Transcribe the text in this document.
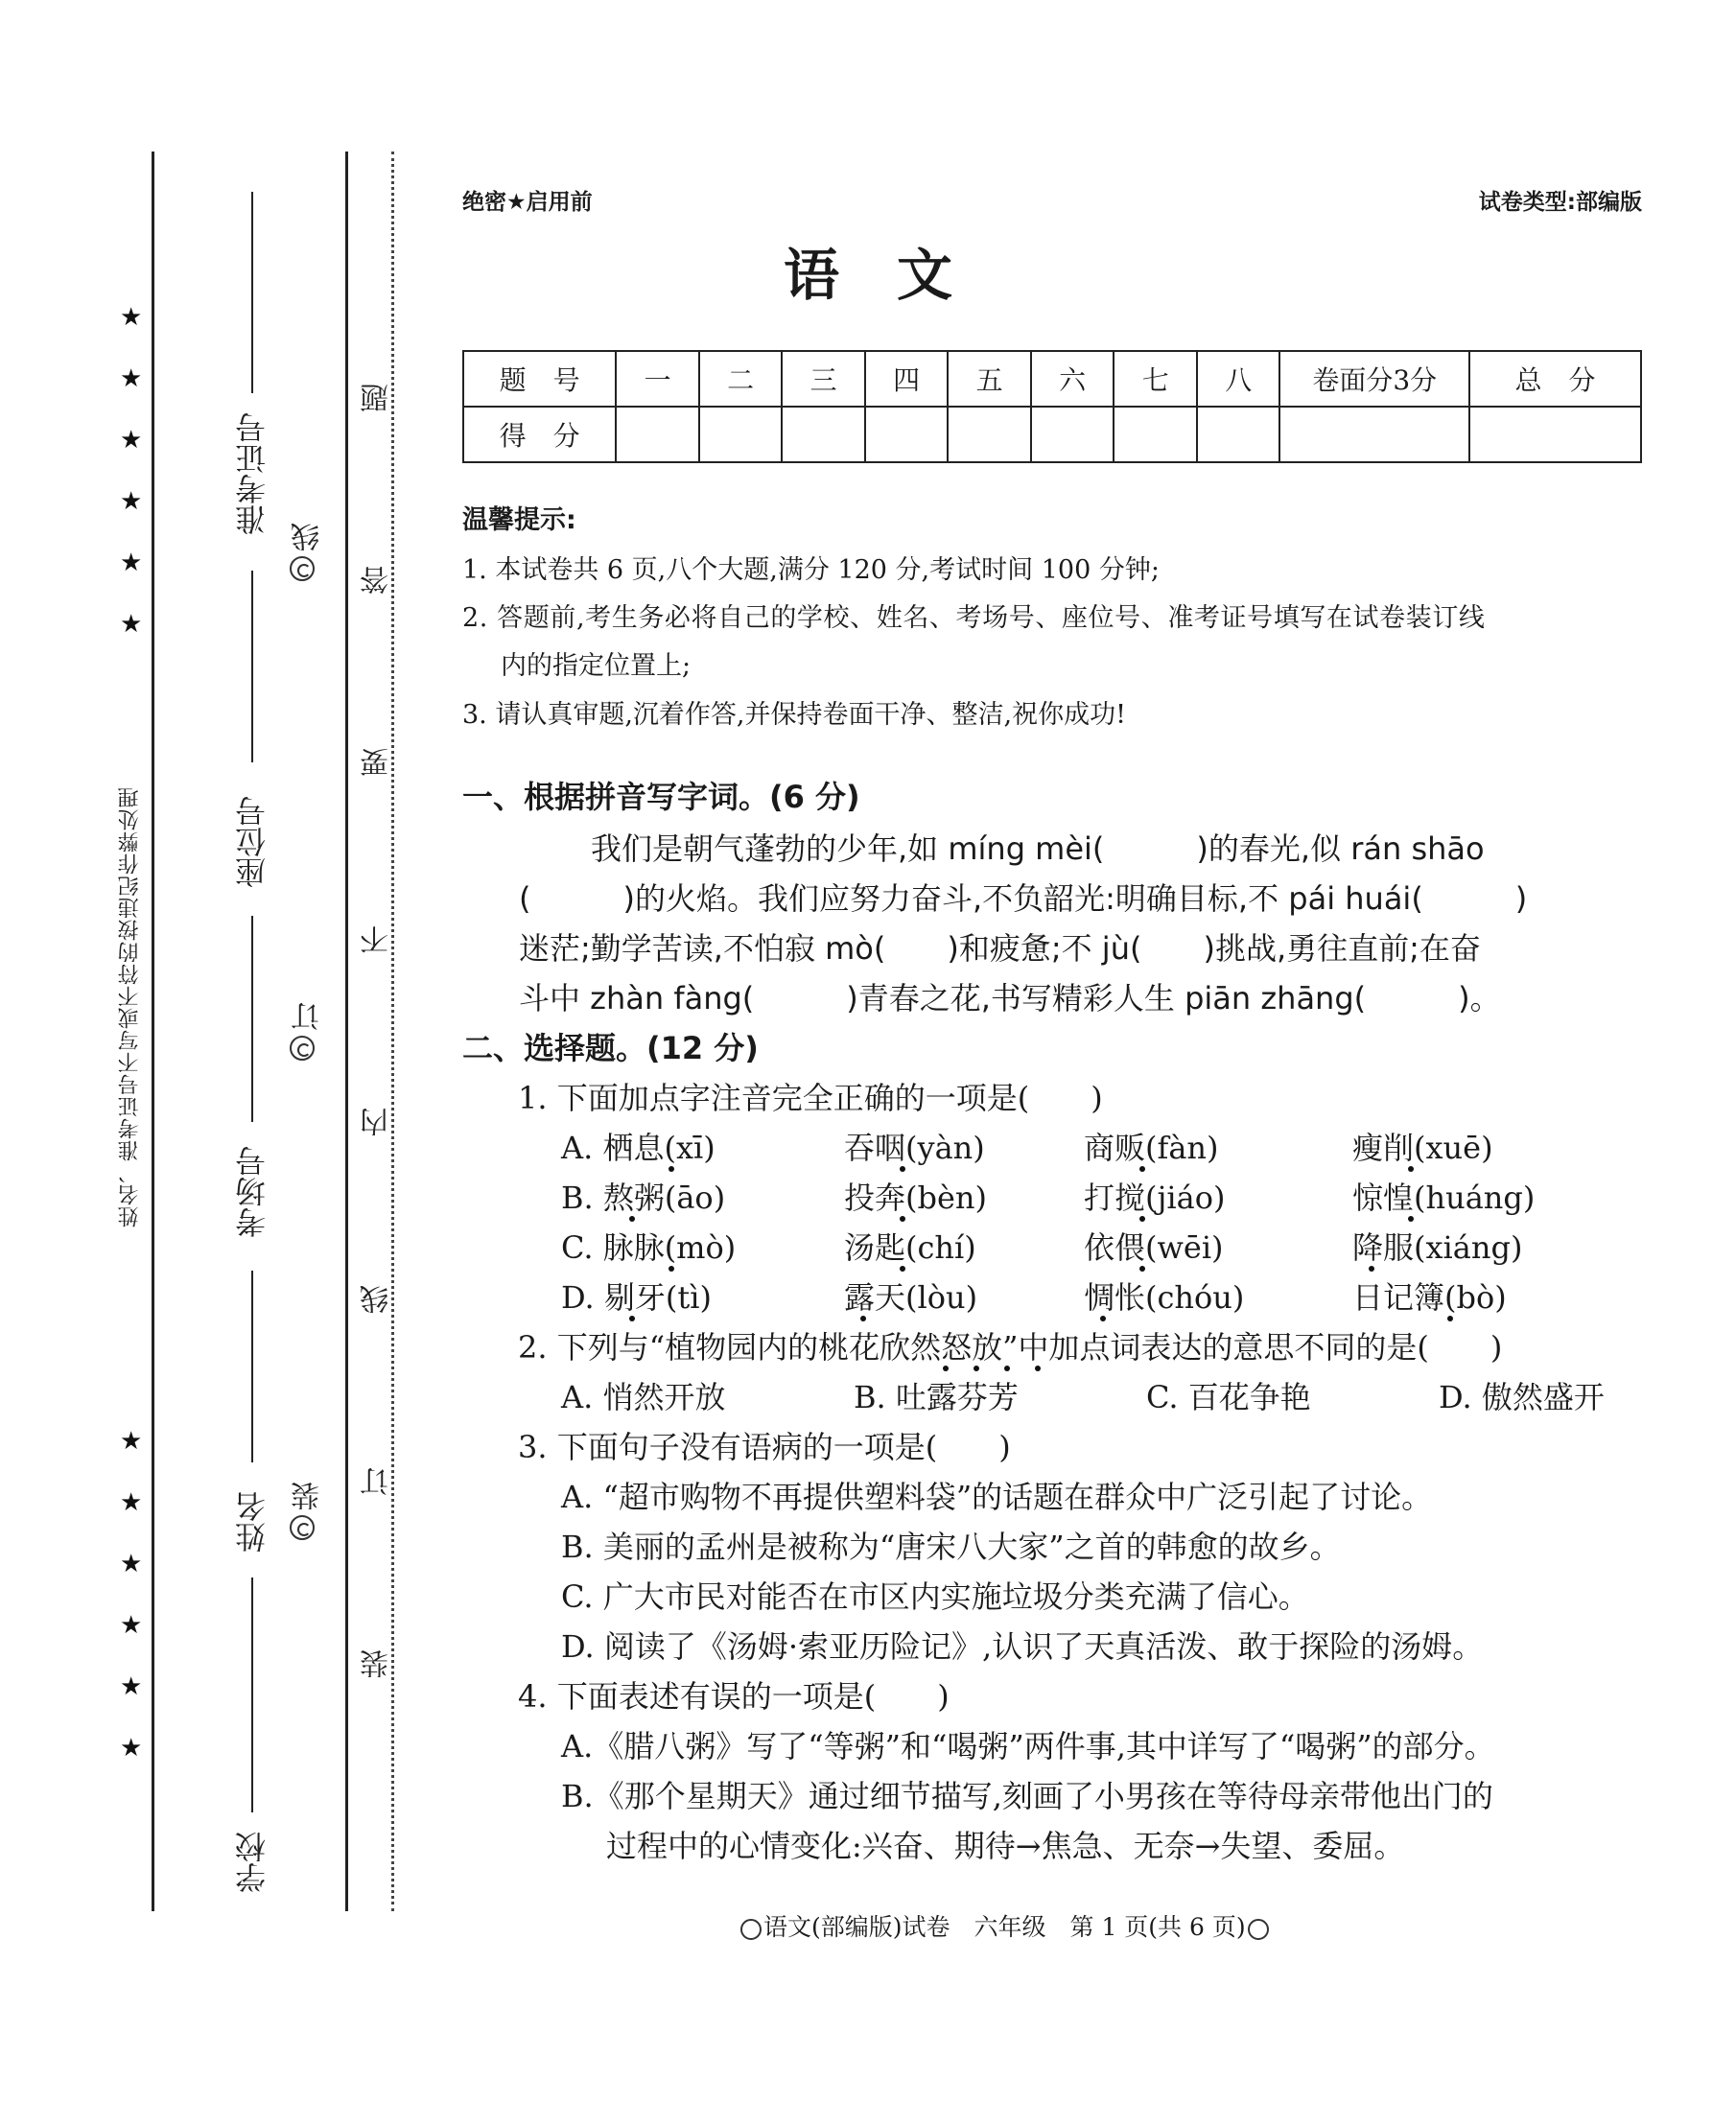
★
★
★
★
★
★
★
★
★
★
★
★
姓名、准考证号不写或不符的按违纪作弊处理
准考证号
座位号
考场号
姓名
学校
线
订
装
题
答
要
不
内
线
订
装
绝密★启用前	试卷类型:部编版
语文
题　号	一	二	三	四	五	六	七	八	卷面分3分	总　分
得　分										
温馨提示:
1. 本试卷共 6 页,八个大题,满分 120 分,考试时间 100 分钟;
2. 答题前,考生务必将自己的学校、姓名、考场号、座位号、准考证号填写在试卷装订线
内的指定位置上;
3. 请认真审题,沉着作答,并保持卷面干净、整洁,祝你成功!
一、根据拼音写字词。(6 分)
我们是朝气蓬勃的少年,如 míng mèi(　　　)的春光,似 rán shāo
(　　　)的火焰。我们应努力奋斗,不负韶光:明确目标,不 pái huái(　　　)
迷茫;勤学苦读,不怕寂 mò(　　)和疲惫;不 jù(　　)挑战,勇往直前;在奋
斗中 zhàn fàng(　　　)青春之花,书写精彩人生 piān zhāng(　　　)。
二、选择题。(12 分)
1. 下面加点字注音完全正确的一项是(　　)
A. 栖息(xī)	吞咽(yàn)	商贩(fàn)	瘦削(xuē)
B. 熬粥(āo)	投奔(bèn)	打搅(jiáo)	惊惶(huáng)
C. 脉脉(mò)	汤匙(chí)	依偎(wēi)	降服(xiáng)
D. 剔牙(tì)	露天(lòu)	惆怅(chóu)	日记簿(bò)
2. 下列与“植物园内的桃花欣然怒放”中加点词表达的意思不同的是(　　)
A. 悄然开放	B. 吐露芬芳	C. 百花争艳	D. 傲然盛开
3. 下面句子没有语病的一项是(　　)
A. “超市购物不再提供塑料袋”的话题在群众中广泛引起了讨论。
B. 美丽的孟州是被称为“唐宋八大家”之首的韩愈的故乡。
C. 广大市民对能否在市区内实施垃圾分类充满了信心。
D. 阅读了《汤姆·索亚历险记》,认识了天真活泼、敢于探险的汤姆。
4. 下面表述有误的一项是(　　)
A.《腊八粥》写了“等粥”和“喝粥”两件事,其中详写了“喝粥”的部分。
B.《那个星期天》通过细节描写,刻画了小男孩在等待母亲带他出门的
过程中的心情变化:兴奋、期待→焦急、无奈→失望、委屈。
语文(部编版)试卷　六年级　第 1 页(共 6 页)
